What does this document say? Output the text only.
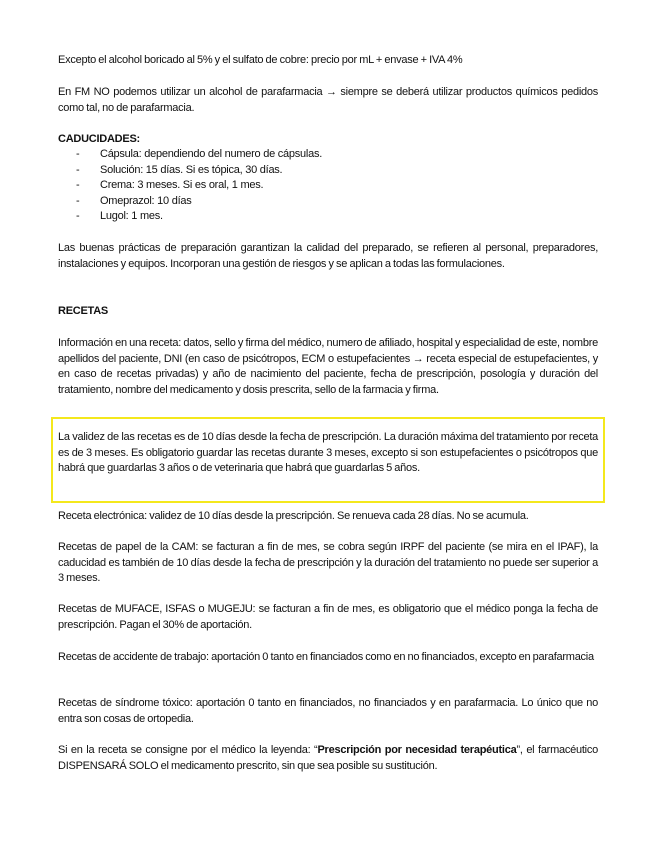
Excepto el alcohol boricado al 5% y el sulfato de cobre: precio por mL + envase + IVA 4%

En FM NO podemos utilizar un alcohol de parafarmacia → siempre se deberá utilizar productos químicos pedidos como tal, no de parafarmacia.

CADUCIDADES:

-	Cápsula: dependiendo del numero de cápsulas.
-	Solución: 15 días. Si es tópica, 30 días.
-	Crema: 3 meses. Si es oral, 1 mes.
-	Omeprazol: 10 días
-	Lugol: 1 mes.

Las buenas prácticas de preparación garantizan la calidad del preparado, se refieren al personal, preparadores, instalaciones y equipos. Incorporan una gestión de riesgos y se aplican a todas las formulaciones.

RECETAS

Información en una receta: datos, sello y firma del médico, numero de afiliado, hospital y especialidad de este, nombre apellidos del paciente, DNI (en caso de psicótropos, ECM o estupefacientes → receta especial de estupefacientes, y en caso de recetas privadas) y año de nacimiento del paciente, fecha de prescripción, posología y duración del tratamiento, nombre del medicamento y dosis prescrita, sello de la farmacia y firma.

La validez de las recetas es de 10 días desde la fecha de prescripción. La duración máxima del tratamiento por receta es de 3 meses. Es obligatorio guardar las recetas durante 3 meses, excepto si son estupefacientes o psicótropos que habrá que guardarlas 3 años o de veterinaria que habrá que guardarlas 5 años.

Receta electrónica: validez de 10 días desde la prescripción. Se renueva cada 28 días. No se acumula.

Recetas de papel de la CAM: se facturan a fin de mes, se cobra según IRPF del paciente (se mira en el IPAF), la caducidad es también de 10 días desde la fecha de prescripción y la duración del tratamiento no puede ser superior a 3 meses.

Recetas de MUFACE, ISFAS o MUGEJU: se facturan a fin de mes, es obligatorio que el médico ponga la fecha de prescripción. Pagan el 30% de aportación.

Recetas de accidente de trabajo: aportación 0 tanto en financiados como en no financiados, excepto en parafarmacia

Recetas de síndrome tóxico: aportación 0 tanto en financiados, no financiados y en parafarmacia. Lo único que no entra son cosas de ortopedia.

Si en la receta se consigne por el médico la leyenda: “Prescripción por necesidad terapéutica”, el farmacéutico DISPENSARÁ SOLO el medicamento prescrito, sin que sea posible su sustitución.
